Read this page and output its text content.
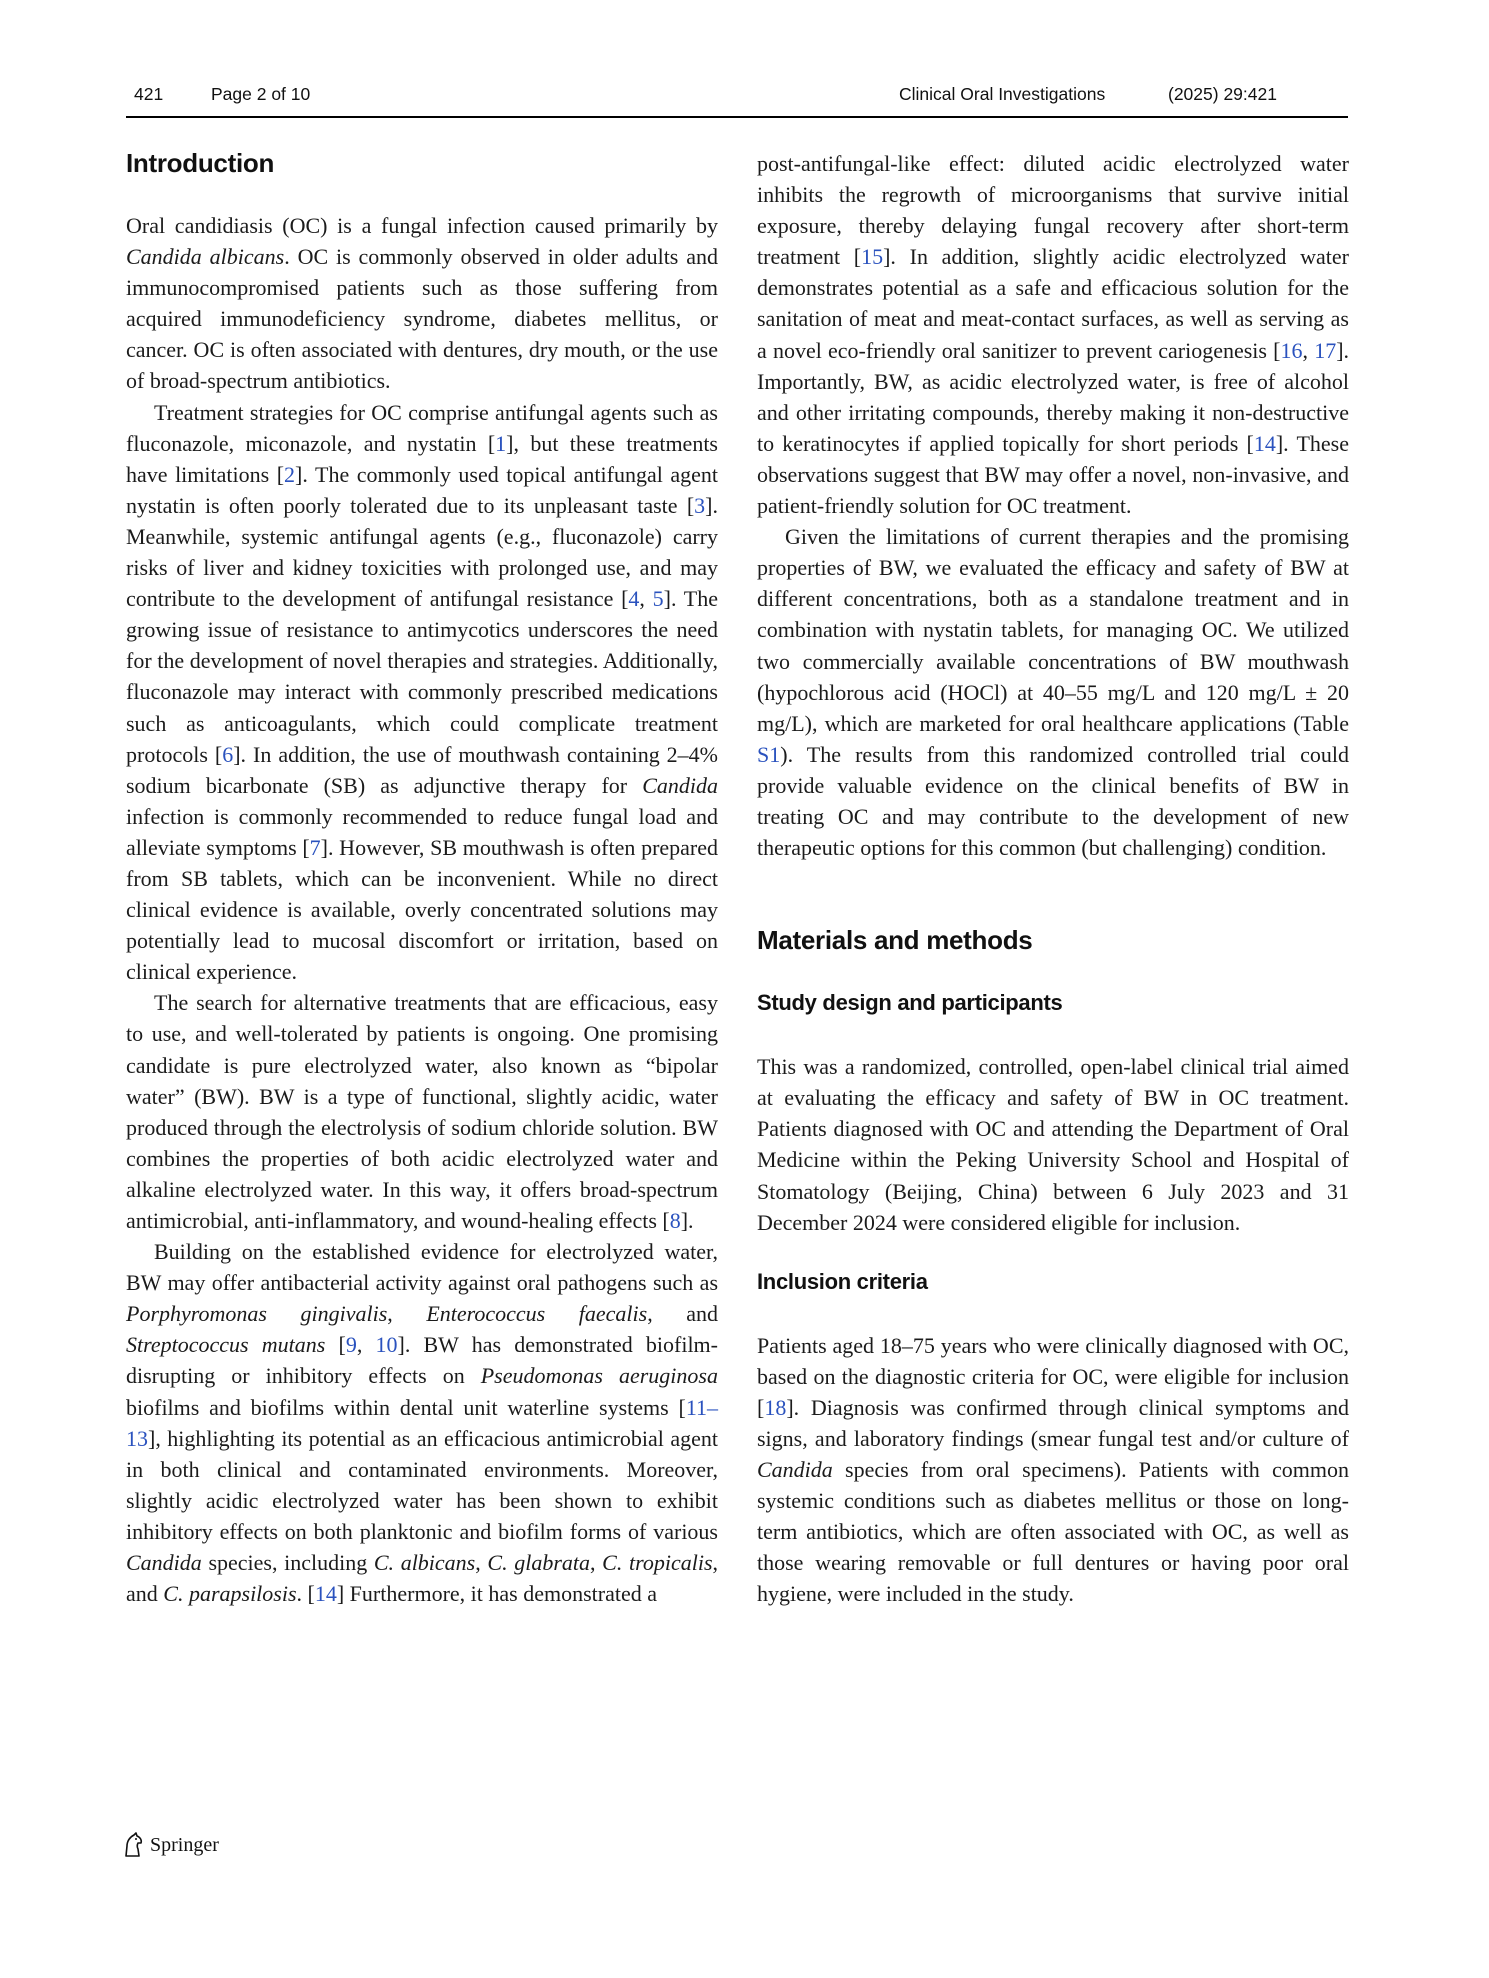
421	Page 2 of 10	Clinical Oral Investigations	(2025) 29:421
Introduction

Oral candidiasis (OC) is a fungal infection caused primarily by Candida albicans. OC is commonly observed in older adults and immunocompromised patients such as those suffering from acquired immunodeficiency syndrome, diabetes mellitus, or cancer. OC is often associated with dentures, dry mouth, or the use of broad-spectrum antibiotics.

Treatment strategies for OC comprise antifungal agents such as fluconazole, miconazole, and nystatin [1], but these treatments have limitations [2]. The commonly used topical antifungal agent nystatin is often poorly tolerated due to its unpleasant taste [3]. Meanwhile, systemic antifungal agents (e.g., fluconazole) carry risks of liver and kidney toxicities with prolonged use, and may contribute to the development of antifungal resistance [4, 5]. The growing issue of resistance to antimycotics underscores the need for the development of novel therapies and strategies. Additionally, fluconazole may interact with commonly prescribed medications such as anticoagulants, which could complicate treatment protocols [6]. In addition, the use of mouthwash containing 2–4% sodium bicarbonate (SB) as adjunctive therapy for Candida infection is commonly recommended to reduce fungal load and alleviate symptoms [7]. However, SB mouthwash is often prepared from SB tablets, which can be inconvenient. While no direct clinical evidence is available, overly concentrated solutions may potentially lead to mucosal discomfort or irritation, based on clinical experience.

The search for alternative treatments that are efficacious, easy to use, and well-tolerated by patients is ongoing. One promising candidate is pure electrolyzed water, also known as “bipolar water” (BW). BW is a type of functional, slightly acidic, water produced through the electrolysis of sodium chloride solution. BW combines the properties of both acidic electrolyzed water and alkaline electrolyzed water. In this way, it offers broad-spectrum antimicrobial, anti-inflammatory, and wound-healing effects [8].

Building on the established evidence for electrolyzed water, BW may offer antibacterial activity against oral pathogens such as Porphyromonas gingivalis, Enterococcus faecalis, and Streptococcus mutans [9, 10]. BW has demonstrated biofilm-disrupting or inhibitory effects on Pseudomonas aeruginosa biofilms and biofilms within dental unit waterline systems [11–13], highlighting its potential as an efficacious antimicrobial agent in both clinical and contaminated environments. Moreover, slightly acidic electrolyzed water has been shown to exhibit inhibitory effects on both planktonic and biofilm forms of various Candida species, including C. albicans, C. glabrata, C. tropicalis, and C. parapsilosis. [14] Furthermore, it has demonstrated a

post-antifungal-like effect: diluted acidic electrolyzed water inhibits the regrowth of microorganisms that survive initial exposure, thereby delaying fungal recovery after short-term treatment [15]. In addition, slightly acidic electrolyzed water demonstrates potential as a safe and efficacious solution for the sanitation of meat and meat-contact surfaces, as well as serving as a novel eco-friendly oral sanitizer to prevent cariogenesis [16, 17]. Importantly, BW, as acidic electrolyzed water, is free of alcohol and other irritating compounds, thereby making it non-destructive to keratinocytes if applied topically for short periods [14]. These observations suggest that BW may offer a novel, non-invasive, and patient-friendly solution for OC treatment.

Given the limitations of current therapies and the promising properties of BW, we evaluated the efficacy and safety of BW at different concentrations, both as a standalone treatment and in combination with nystatin tablets, for managing OC. We utilized two commercially available concentrations of BW mouthwash (hypochlorous acid (HOCl) at 40–55 mg/L and 120 mg/L ± 20 mg/L), which are marketed for oral healthcare applications (Table S1). The results from this randomized controlled trial could provide valuable evidence on the clinical benefits of BW in treating OC and may contribute to the development of new therapeutic options for this common (but challenging) condition.

Materials and methods
Study design and participants

This was a randomized, controlled, open-label clinical trial aimed at evaluating the efficacy and safety of BW in OC treatment. Patients diagnosed with OC and attending the Department of Oral Medicine within the Peking University School and Hospital of Stomatology (Beijing, China) between 6 July 2023 and 31 December 2024 were considered eligible for inclusion.

Inclusion criteria

Patients aged 18–75 years who were clinically diagnosed with OC, based on the diagnostic criteria for OC, were eligible for inclusion [18]. Diagnosis was confirmed through clinical symptoms and signs, and laboratory findings (smear fungal test and/or culture of Candida species from oral specimens). Patients with common systemic conditions such as diabetes mellitus or those on long-term antibiotics, which are often associated with OC, as well as those wearing removable or full dentures or having poor oral hygiene, were included in the study.

Springer
